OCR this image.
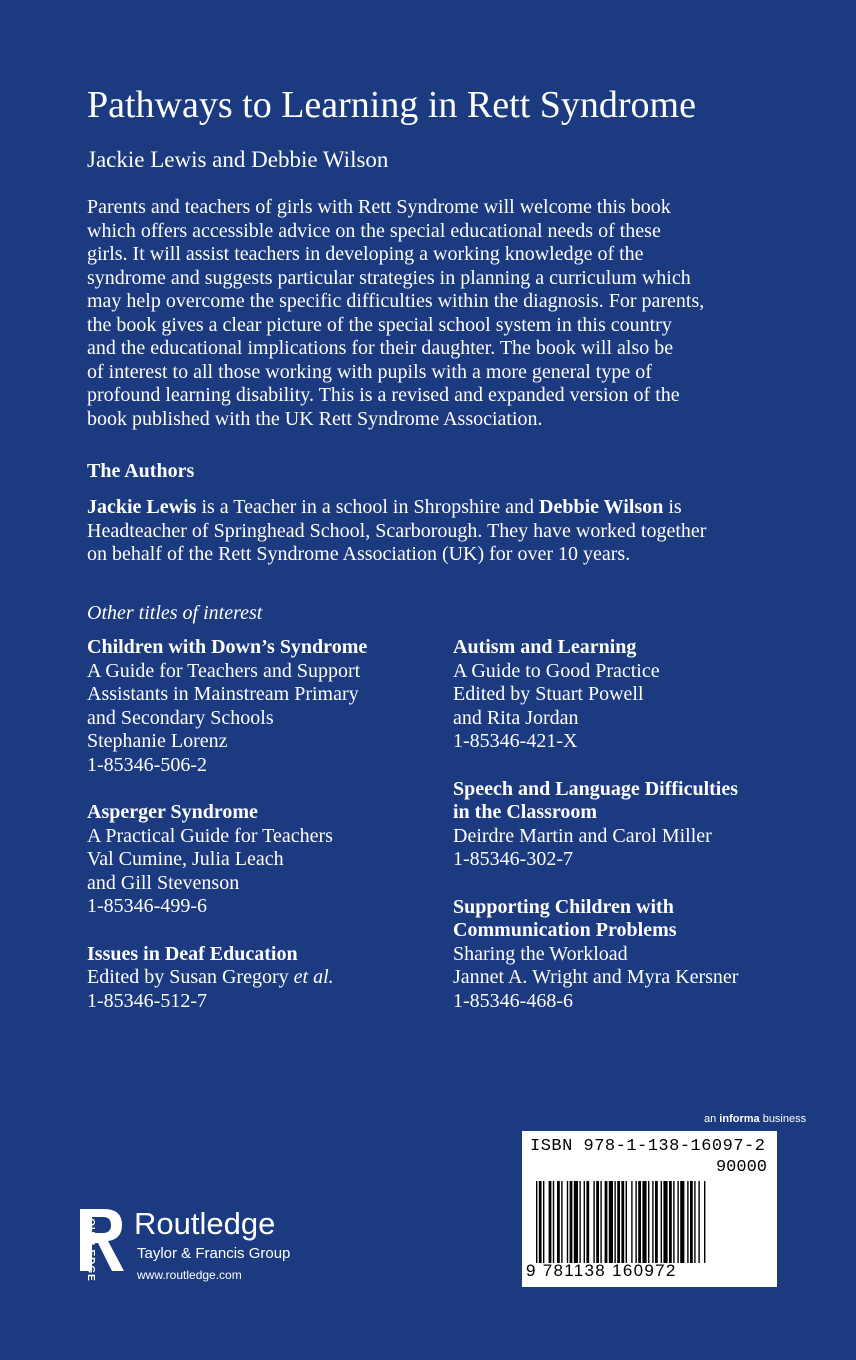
Pathways to Learning in Rett Syndrome
Jackie Lewis and Debbie Wilson
Parents and teachers of girls with Rett Syndrome will welcome this book
which offers accessible advice on the special educational needs of these
girls. It will assist teachers in developing a working knowledge of the
syndrome and suggests particular strategies in planning a curriculum which
may help overcome the specific difficulties within the diagnosis. For parents,
the book gives a clear picture of the special school system in this country
and the educational implications for their daughter. The book will also be
of interest to all those working with pupils with a more general type of
profound learning disability. This is a revised and expanded version of the
book published with the UK Rett Syndrome Association.
The Authors
Jackie Lewis is a Teacher in a school in Shropshire and Debbie Wilson is
Headteacher of Springhead School, Scarborough. They have worked together
on behalf of the Rett Syndrome Association (UK) for over 10 years.
Other titles of interest
Children with Down’s Syndrome
A Guide for Teachers and Support
Assistants in Mainstream Primary
and Secondary Schools
Stephanie Lorenz
1-85346-506-2
Asperger Syndrome
A Practical Guide for Teachers
Val Cumine, Julia Leach
and Gill Stevenson
1-85346-499-6
Issues in Deaf Education
Edited by Susan Gregory et al.
1-85346-512-7
Autism and Learning
A Guide to Good Practice
Edited by Stuart Powell
and Rita Jordan
1-85346-421-X
Speech and Language Difficulties
in the Classroom
Deirdre Martin and Carol Miller
1-85346-302-7
Supporting Children with
Communication Problems
Sharing the Workload
Jannet A. Wright and Myra Kersner
1-85346-468-6
an informa business
ISBN 978-1-138-16097-2
90000
9 781138 160972
ROUTLEDGE Routledge
Taylor & Francis Group
www.routledge.com
